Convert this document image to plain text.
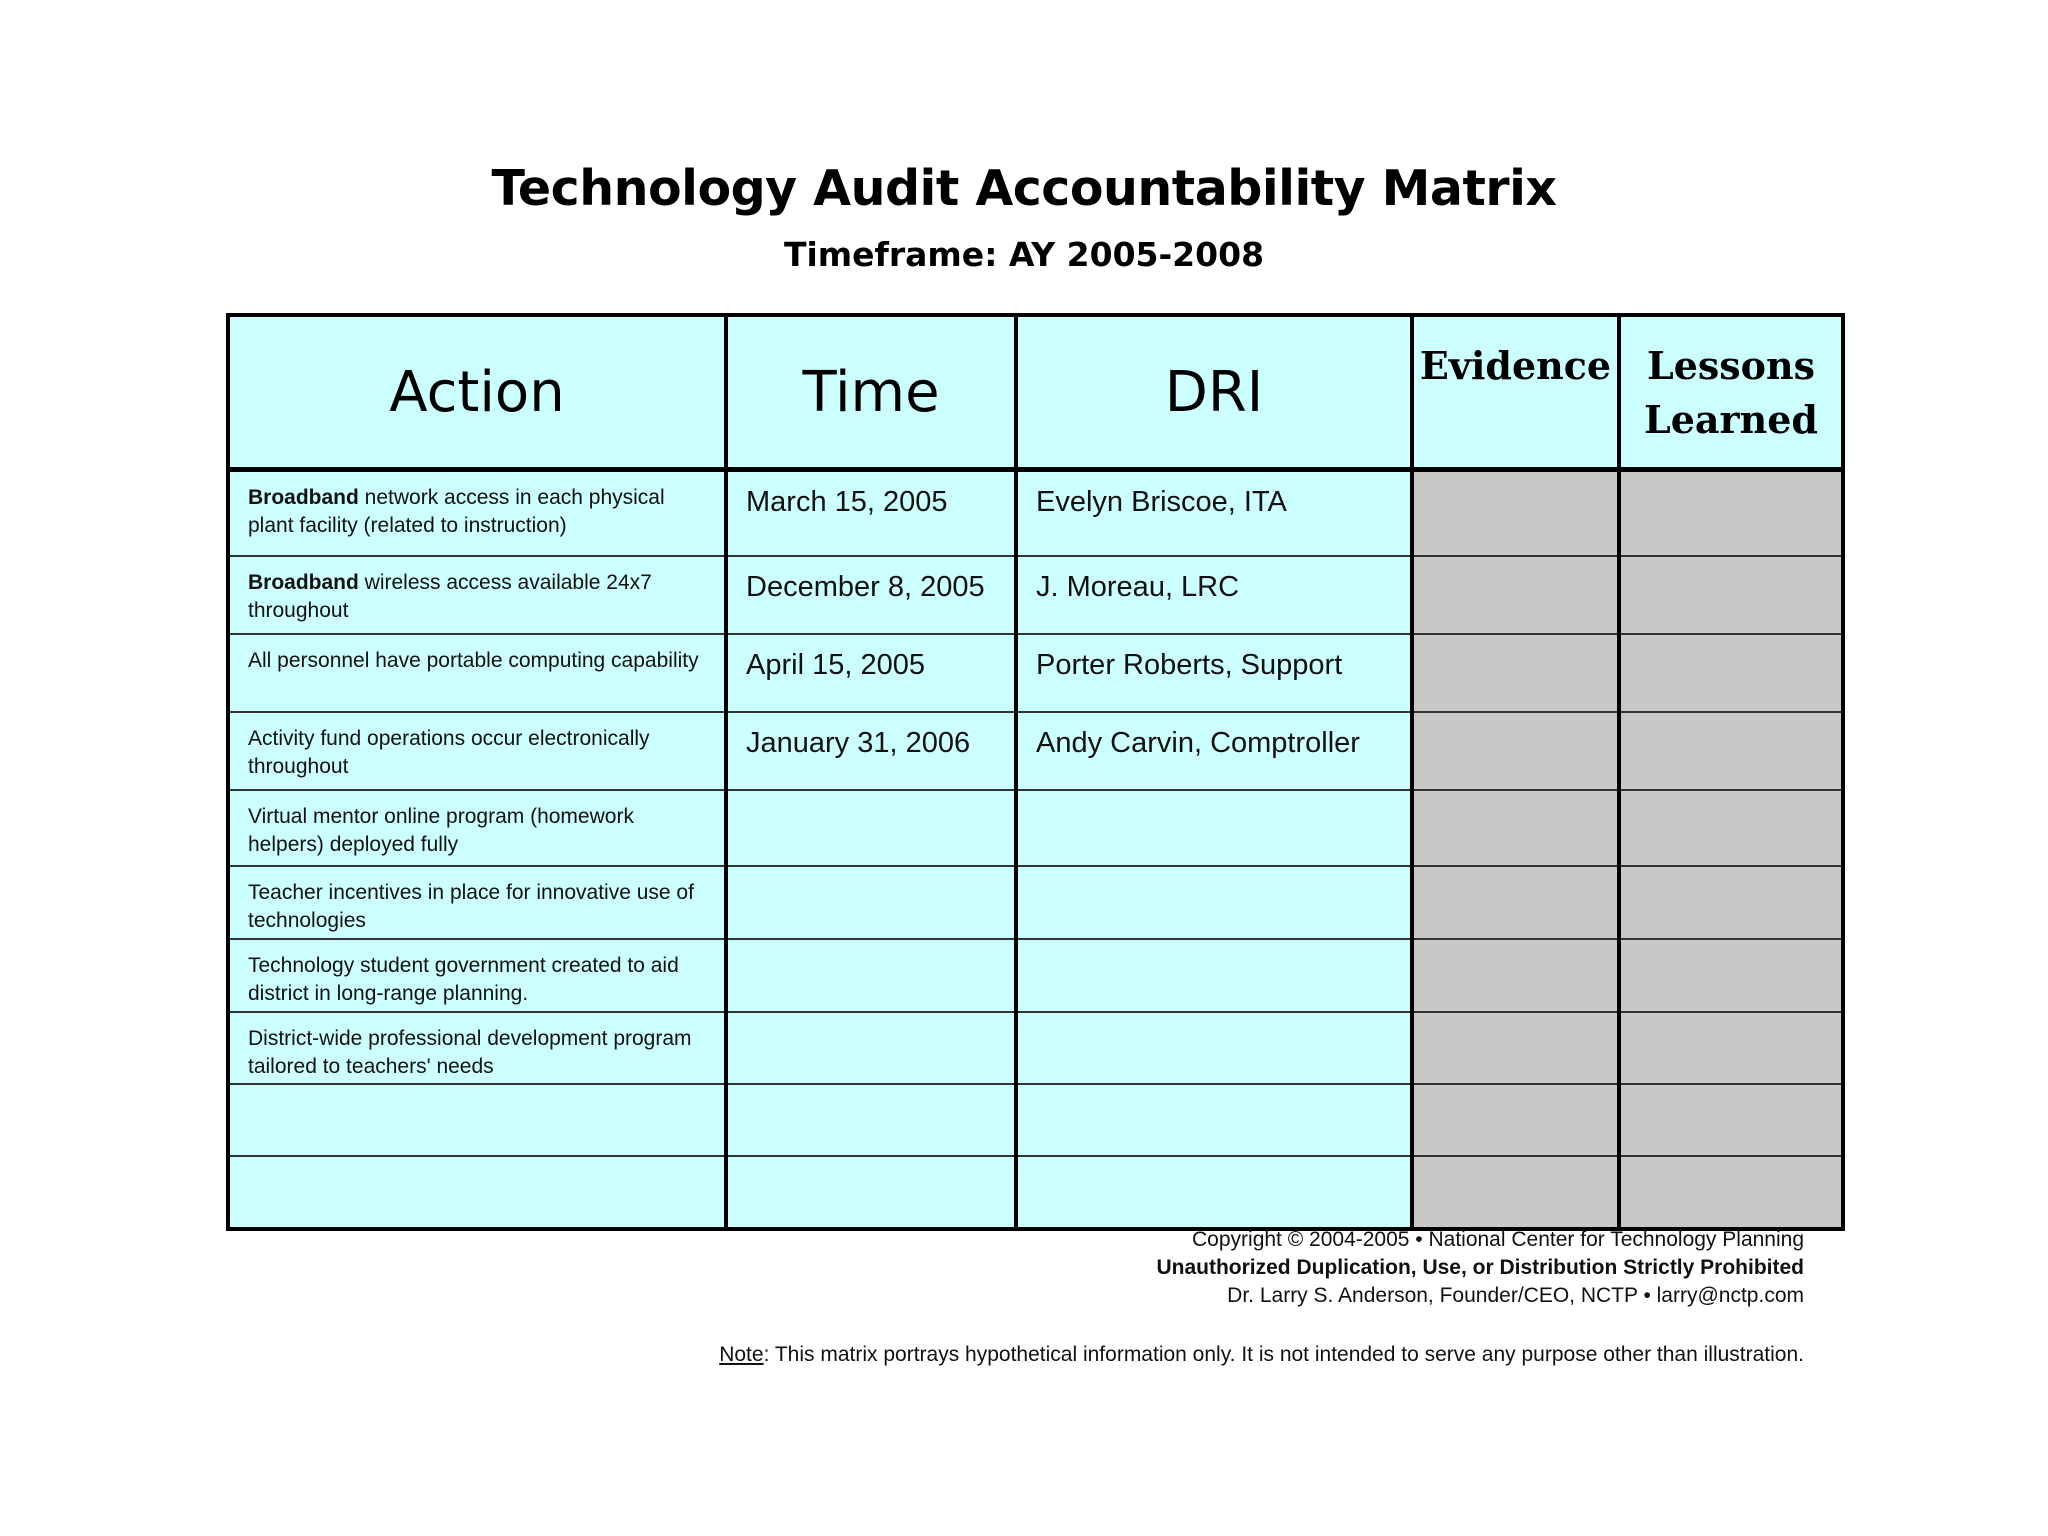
Technology Audit Accountability Matrix
Timeframe: AY 2005-2008
Action	Time	DRI	Evidence	Lessons
Learned

Broadband network access in each physical plant facility (related to instruction)	March 15, 2005	Evelyn Briscoe, ITA		

Broadband wireless access available 24x7 throughout	December 8, 2005	J. Moreau, LRC		

All personnel have portable computing capability	April 15, 2005	Porter Roberts, Support		

Activity fund operations occur electronically throughout	January 31, 2006	Andy Carvin, Comptroller		

Virtual mentor online program (homework helpers) deployed fully				

Teacher incentives in place for innovative use of technologies				

Technology student government created to aid district in long-range planning.				

District-wide professional development program tailored to teachers' needs				

Copyright © 2004-2005 • National Center for Technology Planning
Unauthorized Duplication, Use, or Distribution Strictly Prohibited
Dr. Larry S. Anderson, Founder/CEO, NCTP • larry@nctp.com
Note: This matrix portrays hypothetical information only. It is not intended to serve any purpose other than illustration.
